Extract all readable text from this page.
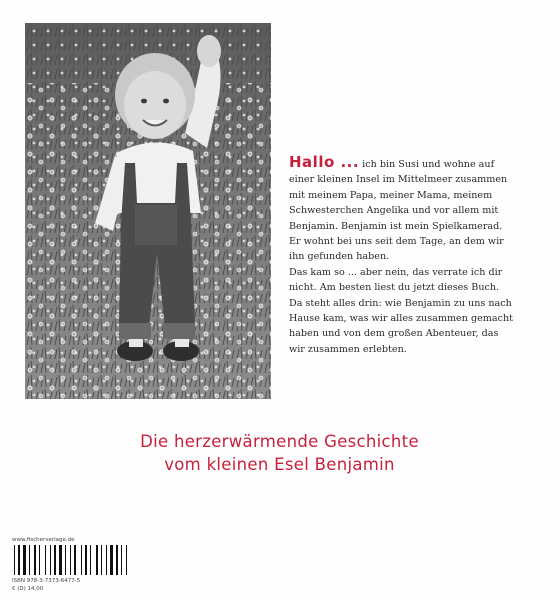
Hallo ... ich bin Susi und wohne auf
einer kleinen Insel im Mittelmeer zusammen
mit meinem Papa, meiner Mama, meinem
Schwesterchen Angelika und vor allem mit
Benjamin. Benjamin ist mein Spielkamerad.
Er wohnt bei uns seit dem Tage, an dem wir
ihn gefunden haben.
Das kam so ... aber nein, das verrate ich dir
nicht. Am besten liest du jetzt dieses Buch.
Da steht alles drin: wie Benjamin zu uns nach
Hause kam, was wir alles zusammen gemacht
haben und von dem großen Abenteuer, das
wir zusammen erlebten.
Die herzerwärmende Geschichte
vom kleinen Esel Benjamin
www.fischerverlage.de
ISBN 978-3-7373-6477-5
€ (D) 14,00
